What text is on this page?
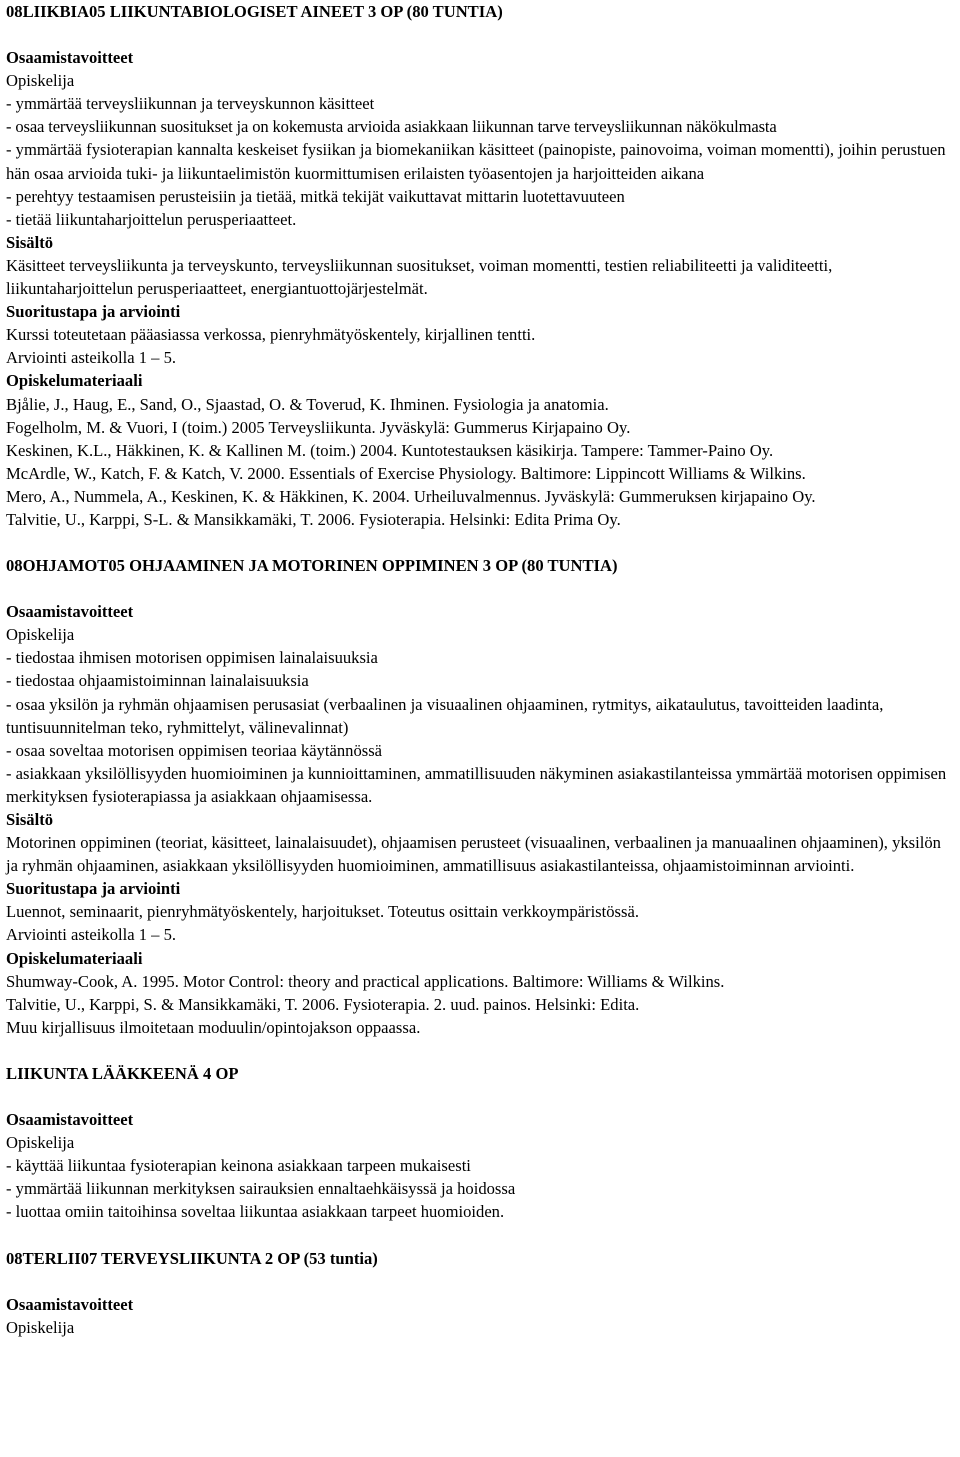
08LIIKBIA05 LIIKUNTABIOLOGISET AINEET 3 OP (80 TUNTIA)
Osaamistavoitteet
Opiskelija
- ymmärtää terveysliikunnan ja terveyskunnon käsitteet
- osaa terveysliikunnan suositukset ja on kokemusta arvioida asiakkaan liikunnan tarve terveysliikunnan näkökulmasta
- ymmärtää fysioterapian kannalta keskeiset fysiikan ja biomekaniikan käsitteet (painopiste, painovoima, voiman momentti), joihin perustuen hän osaa arvioida tuki- ja liikuntaelimistön kuormittumisen erilaisten työasentojen ja harjoitteiden aikana
- perehtyy testaamisen perusteisiin ja tietää, mitkä tekijät vaikuttavat mittarin luotettavuuteen
- tietää liikuntaharjoittelun perusperiaatteet.
Sisältö
Käsitteet terveysliikunta ja terveyskunto, terveysliikunnan suositukset, voiman momentti, testien reliabiliteetti ja validiteetti, liikuntaharjoittelun perusperiaatteet, energiantuottojärjestelmät.
Suoritustapa ja arviointi
Kurssi toteutetaan pääasiassa verkossa, pienryhmätyöskentely, kirjallinen tentti.
Arviointi asteikolla 1 – 5.
Opiskelumateriaali
Bjålie, J., Haug, E., Sand, O., Sjaastad, O. & Toverud, K. Ihminen. Fysiologia ja anatomia.
Fogelholm, M. & Vuori, I (toim.) 2005 Terveysliikunta. Jyväskylä: Gummerus Kirjapaino Oy.
Keskinen, K.L., Häkkinen, K. & Kallinen M. (toim.) 2004. Kuntotestauksen käsikirja. Tampere: Tammer-Paino Oy.
McArdle, W., Katch, F. & Katch, V. 2000. Essentials of Exercise Physiology. Baltimore: Lippincott Williams & Wilkins.
Mero, A., Nummela, A., Keskinen, K. & Häkkinen, K. 2004. Urheiluvalmennus. Jyväskylä: Gummeruksen kirjapaino Oy.
Talvitie, U., Karppi, S-L. & Mansikkamäki, T. 2006. Fysioterapia. Helsinki: Edita Prima Oy.
08OHJAMOT05 OHJAAMINEN JA MOTORINEN OPPIMINEN 3 OP (80 TUNTIA)
Osaamistavoitteet
Opiskelija
- tiedostaa ihmisen motorisen oppimisen lainalaisuuksia
- tiedostaa ohjaamistoiminnan lainalaisuuksia
- osaa yksilön ja ryhmän ohjaamisen perusasiat (verbaalinen ja visuaalinen ohjaaminen, rytmitys, aikataulutus, tavoitteiden laadinta, tuntisuunnitelman teko, ryhmittelyt, välinevalinnat)
- osaa soveltaa motorisen oppimisen teoriaa käytännössä
- asiakkaan yksilöllisyyden huomioiminen ja kunnioittaminen, ammatillisuuden näkyminen asiakastilanteissa ymmärtää motorisen oppimisen merkityksen fysioterapiassa ja asiakkaan ohjaamisessa.
Sisältö
Motorinen oppiminen (teoriat, käsitteet, lainalaisuudet), ohjaamisen perusteet (visuaalinen, verbaalinen ja manuaalinen ohjaaminen), yksilön ja ryhmän ohjaaminen, asiakkaan yksilöllisyyden huomioiminen, ammatillisuus asiakastilanteissa, ohjaamistoiminnan arviointi.
Suoritustapa ja arviointi
Luennot, seminaarit, pienryhmätyöskentely, harjoitukset. Toteutus osittain verkkoympäristössä.
Arviointi asteikolla 1 – 5.
Opiskelumateriaali
Shumway-Cook, A. 1995. Motor Control: theory and practical applications. Baltimore: Williams & Wilkins.
Talvitie, U., Karppi, S. & Mansikkamäki, T. 2006. Fysioterapia. 2. uud. painos. Helsinki: Edita.
Muu kirjallisuus ilmoitetaan moduulin/opintojakson oppaassa.
LIIKUNTA LÄÄKKEENÄ 4 OP
Osaamistavoitteet
Opiskelija
- käyttää liikuntaa fysioterapian keinona asiakkaan tarpeen mukaisesti
- ymmärtää liikunnan merkityksen sairauksien ennaltaehkäisyssä ja hoidossa
- luottaa omiin taitoihinsa soveltaa liikuntaa asiakkaan tarpeet huomioiden.
08TERLII07 TERVEYSLIIKUNTA 2 OP (53 tuntia)
Osaamistavoitteet
Opiskelija
